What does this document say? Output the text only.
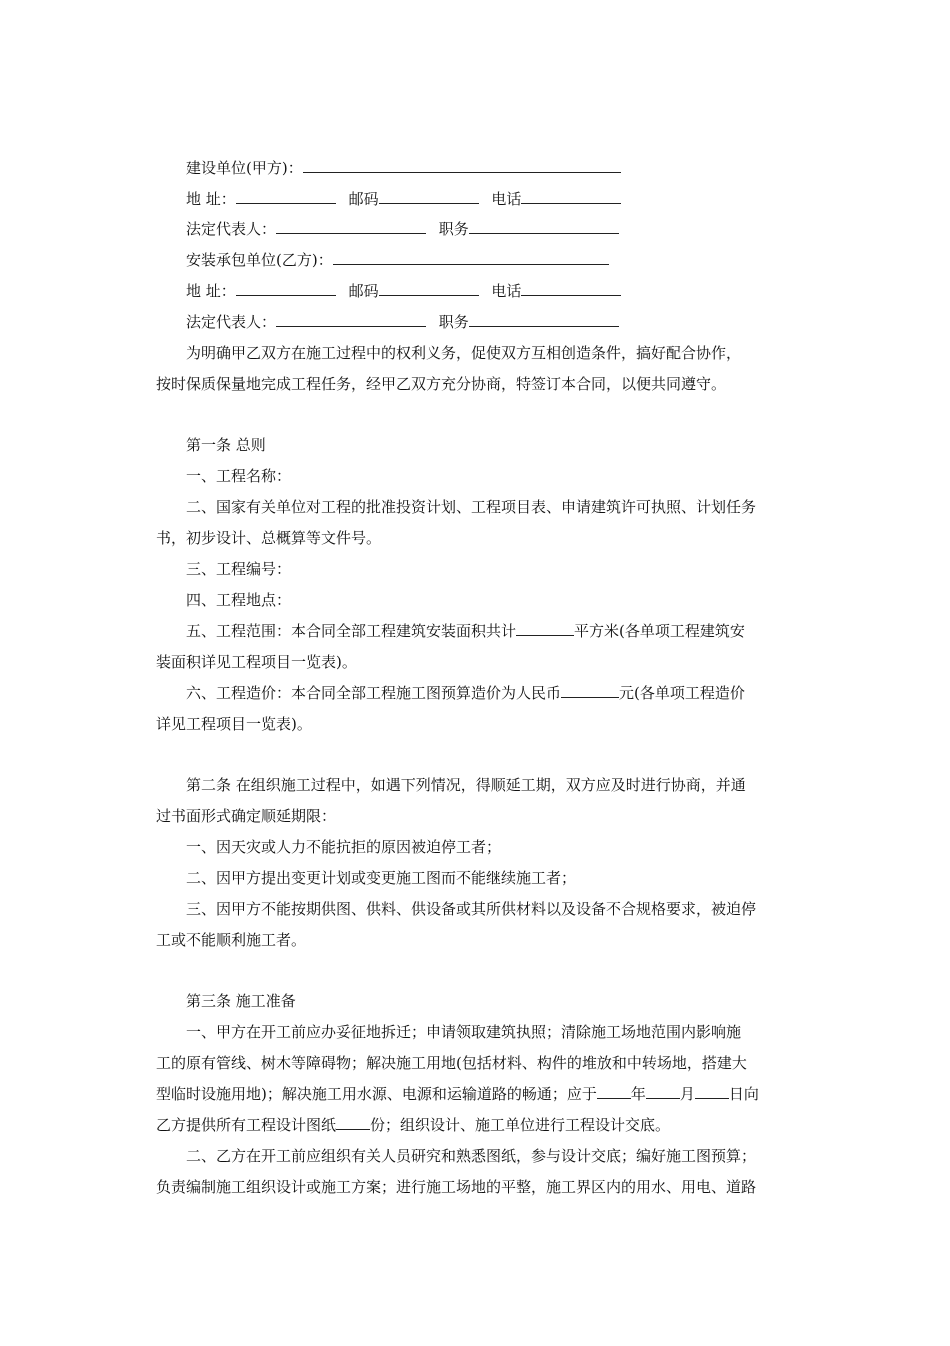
建设单位(甲方)：
地 址：	邮码	电话
法定代表人：	职务
安装承包单位(乙方)：
地 址：	邮码	电话
法定代表人：	职务
为明确甲乙双方在施工过程中的权利义务，促使双方互相创造条件，搞好配合协作，
按时保质保量地完成工程任务，经甲乙双方充分协商，特签订本合同，以便共同遵守。
第一条 总则
一、工程名称：
二、国家有关单位对工程的批准投资计划、工程项目表、申请建筑许可执照、计划任务
书，初步设计、总概算等文件号。
三、工程编号：
四、工程地点：
五、工程范围：本合同全部工程建筑安装面积共计	平方米(各单项工程建筑安
装面积详见工程项目一览表)。
六、工程造价：本合同全部工程施工图预算造价为人民币	元(各单项工程造价
详见工程项目一览表)。
第二条 在组织施工过程中，如遇下列情况，得顺延工期，双方应及时进行协商，并通
过书面形式确定顺延期限：
一、因天灾或人力不能抗拒的原因被迫停工者；
二、因甲方提出变更计划或变更施工图而不能继续施工者；
三、因甲方不能按期供图、供料、供设备或其所供材料以及设备不合规格要求，被迫停
工或不能顺利施工者。
第三条 施工准备
一、甲方在开工前应办妥征地拆迁；申请领取建筑执照；清除施工场地范围内影响施
工的原有管线、树木等障碍物；解决施工用地(包括材料、构件的堆放和中转场地，搭建大
型临时设施用地)；解决施工用水源、电源和运输道路的畅通；应于 年 月 日向
乙方提供所有工程设计图纸 份；组织设计、施工单位进行工程设计交底。
二、乙方在开工前应组织有关人员研究和熟悉图纸，参与设计交底；编好施工图预算；
负责编制施工组织设计或施工方案；进行施工场地的平整，施工界区内的用水、用电、道路
